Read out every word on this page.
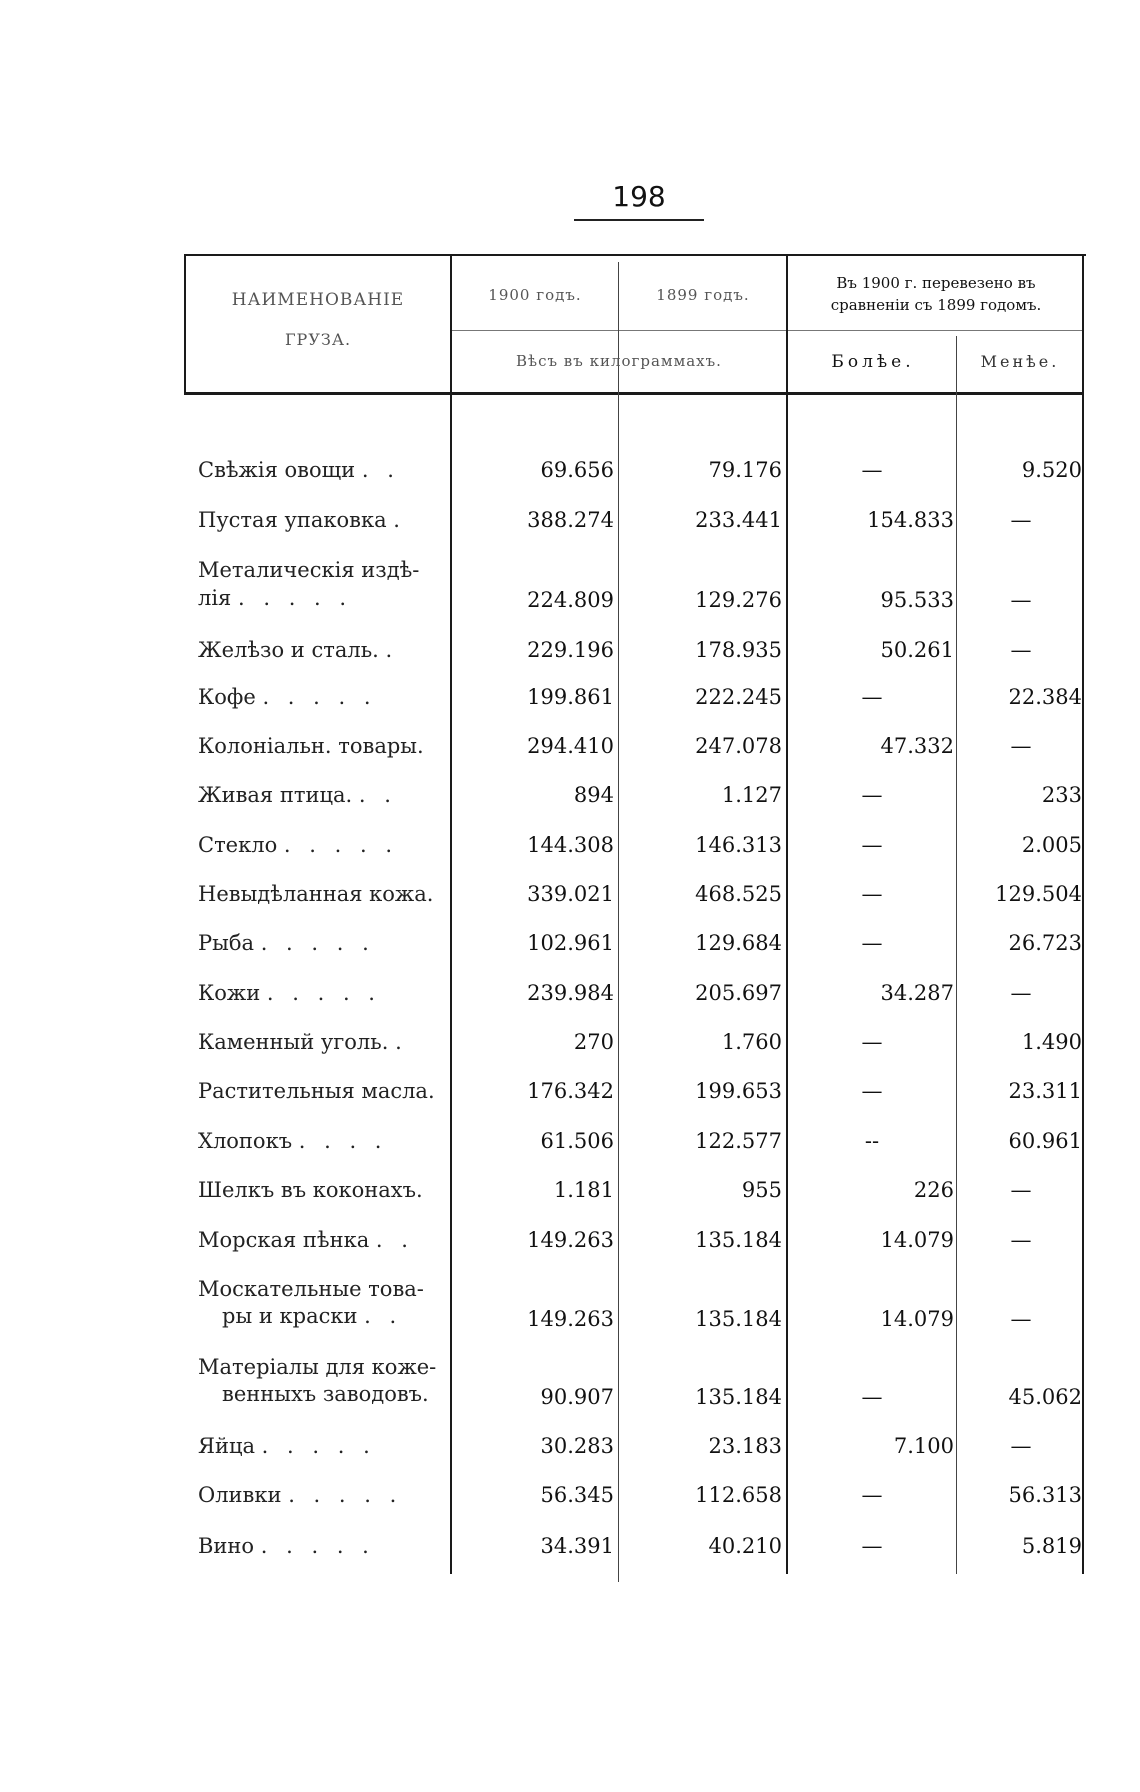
198
НАИМЕНОВАНІЕ
ГРУЗА.
1900 годъ.	1899 годъ.
Вѣсъ въ килограммахъ.
Въ 1900 г. перевезено въ
сравненіи съ 1899 годомъ.
Болѣе.	Менѣе.
Свѣжія овощи . .	69.656	79.176	—	9.520
Пустая упаковка .	388.274	233.441	154.833	—
Металическія издѣ-
лія . . . . .	224.809	129.276	95.533	—
Желѣзо и сталь. .	229.196	178.935	50.261	—
Кофе . . . . .	199.861	222.245	—	22.384
Колоніальн. товары.	294.410	247.078	47.332	—
Живая птица. . .	894	1.127	—	233
Стекло . . . . .	144.308	146.313	—	2.005
Невыдѣланная кожа.	339.021	468.525	—	129.504
Рыба . . . . .	102.961	129.684	—	26.723
Кожи . . . . .	239.984	205.697	34.287	—
Каменный уголь. .	270	1.760	—	1.490
Растительныя масла.	176.342	199.653	—	23.311
Хлопокъ . . . .	61.506	122.577	--	60.961
Шелкъ въ коконахъ.	1.181	955	226	—
Морская пѣнка . .	149.263	135.184	14.079	—
Москательные това-
ры и краски . .	149.263	135.184	14.079	—
Матеріалы для коже-
венныхъ заводовъ.	90.907	135.184	—	45.062
Яйца . . . . .	30.283	23.183	7.100	—
Оливки . . . . .	56.345	112.658	—	56.313
Вино . . . . .	34.391	40.210	—	5.819
